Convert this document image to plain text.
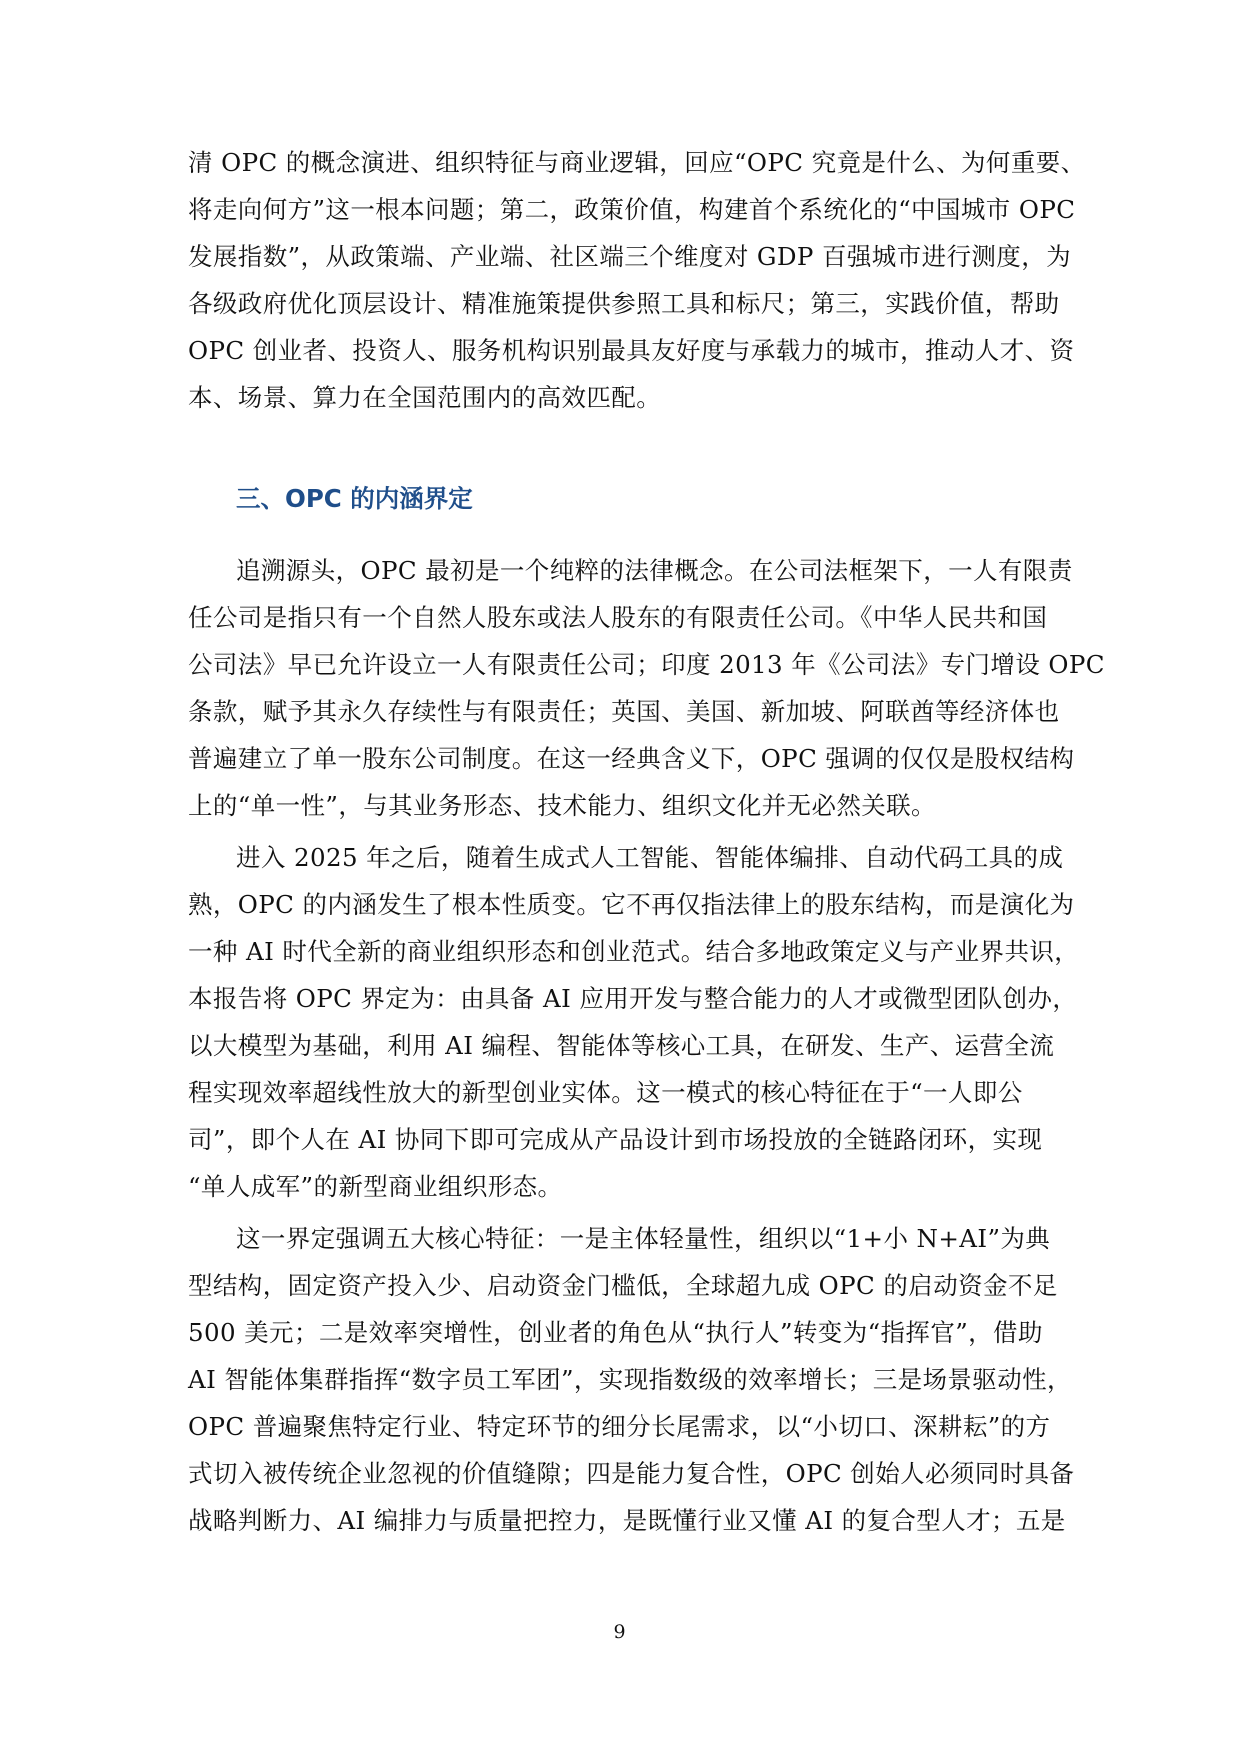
清 OPC 的概念演进、组织特征与商业逻辑，回应“OPC 究竟是什么、为何重要、
将走向何方”这一根本问题；第二，政策价值，构建首个系统化的“中国城市 OPC
发展指数”，从政策端、产业端、社区端三个维度对 GDP 百强城市进行测度，为
各级政府优化顶层设计、精准施策提供参照工具和标尺；第三，实践价值，帮助
OPC 创业者、投资人、服务机构识别最具友好度与承载力的城市，推动人才、资
本、场景、算力在全国范围内的高效匹配。
三、OPC 的内涵界定
追溯源头，OPC 最初是一个纯粹的法律概念。在公司法框架下，一人有限责
任公司是指只有一个自然人股东或法人股东的有限责任公司。《中华人民共和国
公司法》早已允许设立一人有限责任公司；印度 2013 年《公司法》专门增设 OPC
条款，赋予其永久存续性与有限责任；英国、美国、新加坡、阿联酋等经济体也
普遍建立了单一股东公司制度。在这一经典含义下，OPC 强调的仅仅是股权结构
上的“单一性”，与其业务形态、技术能力、组织文化并无必然关联。
进入 2025 年之后，随着生成式人工智能、智能体编排、自动代码工具的成
熟，OPC 的内涵发生了根本性质变。它不再仅指法律上的股东结构，而是演化为
一种 AI 时代全新的商业组织形态和创业范式。结合多地政策定义与产业界共识，
本报告将 OPC 界定为：由具备 AI 应用开发与整合能力的人才或微型团队创办，
以大模型为基础，利用 AI 编程、智能体等核心工具，在研发、生产、运营全流
程实现效率超线性放大的新型创业实体。这一模式的核心特征在于“一人即公
司”，即个人在 AI 协同下即可完成从产品设计到市场投放的全链路闭环，实现
“单人成军”的新型商业组织形态。
这一界定强调五大核心特征：一是主体轻量性，组织以“1+小 N+AI”为典
型结构，固定资产投入少、启动资金门槛低，全球超九成 OPC 的启动资金不足
500 美元；二是效率突增性，创业者的角色从“执行人”转变为“指挥官”，借助
AI 智能体集群指挥“数字员工军团”，实现指数级的效率增长；三是场景驱动性，
OPC 普遍聚焦特定行业、特定环节的细分长尾需求，以“小切口、深耕耘”的方
式切入被传统企业忽视的价值缝隙；四是能力复合性，OPC 创始人必须同时具备
战略判断力、AI 编排力与质量把控力，是既懂行业又懂 AI 的复合型人才；五是
9
